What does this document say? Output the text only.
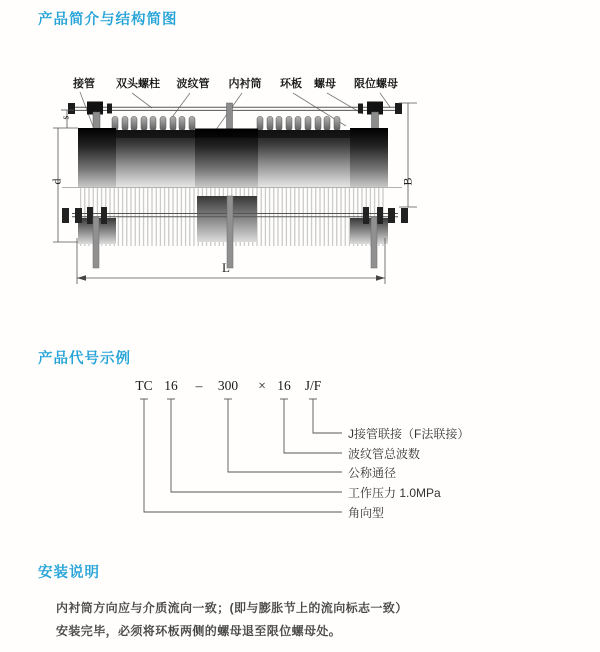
产品简介与结构简图
接管 双头螺柱 波纹管 内衬筒 环板 螺母 限位螺母
s
d	B
L
产品代号示例
TC 16 – 300 × 16 J/F
J接管联接（F法联接）
波纹管总波数
公称通径
工作压力 1.0MPa
角向型
安装说明

内衬筒方向应与介质流向一致；(即与膨胀节上的流向标志一致）

安装完毕，必须将环板两侧的螺母退至限位螺母处。
